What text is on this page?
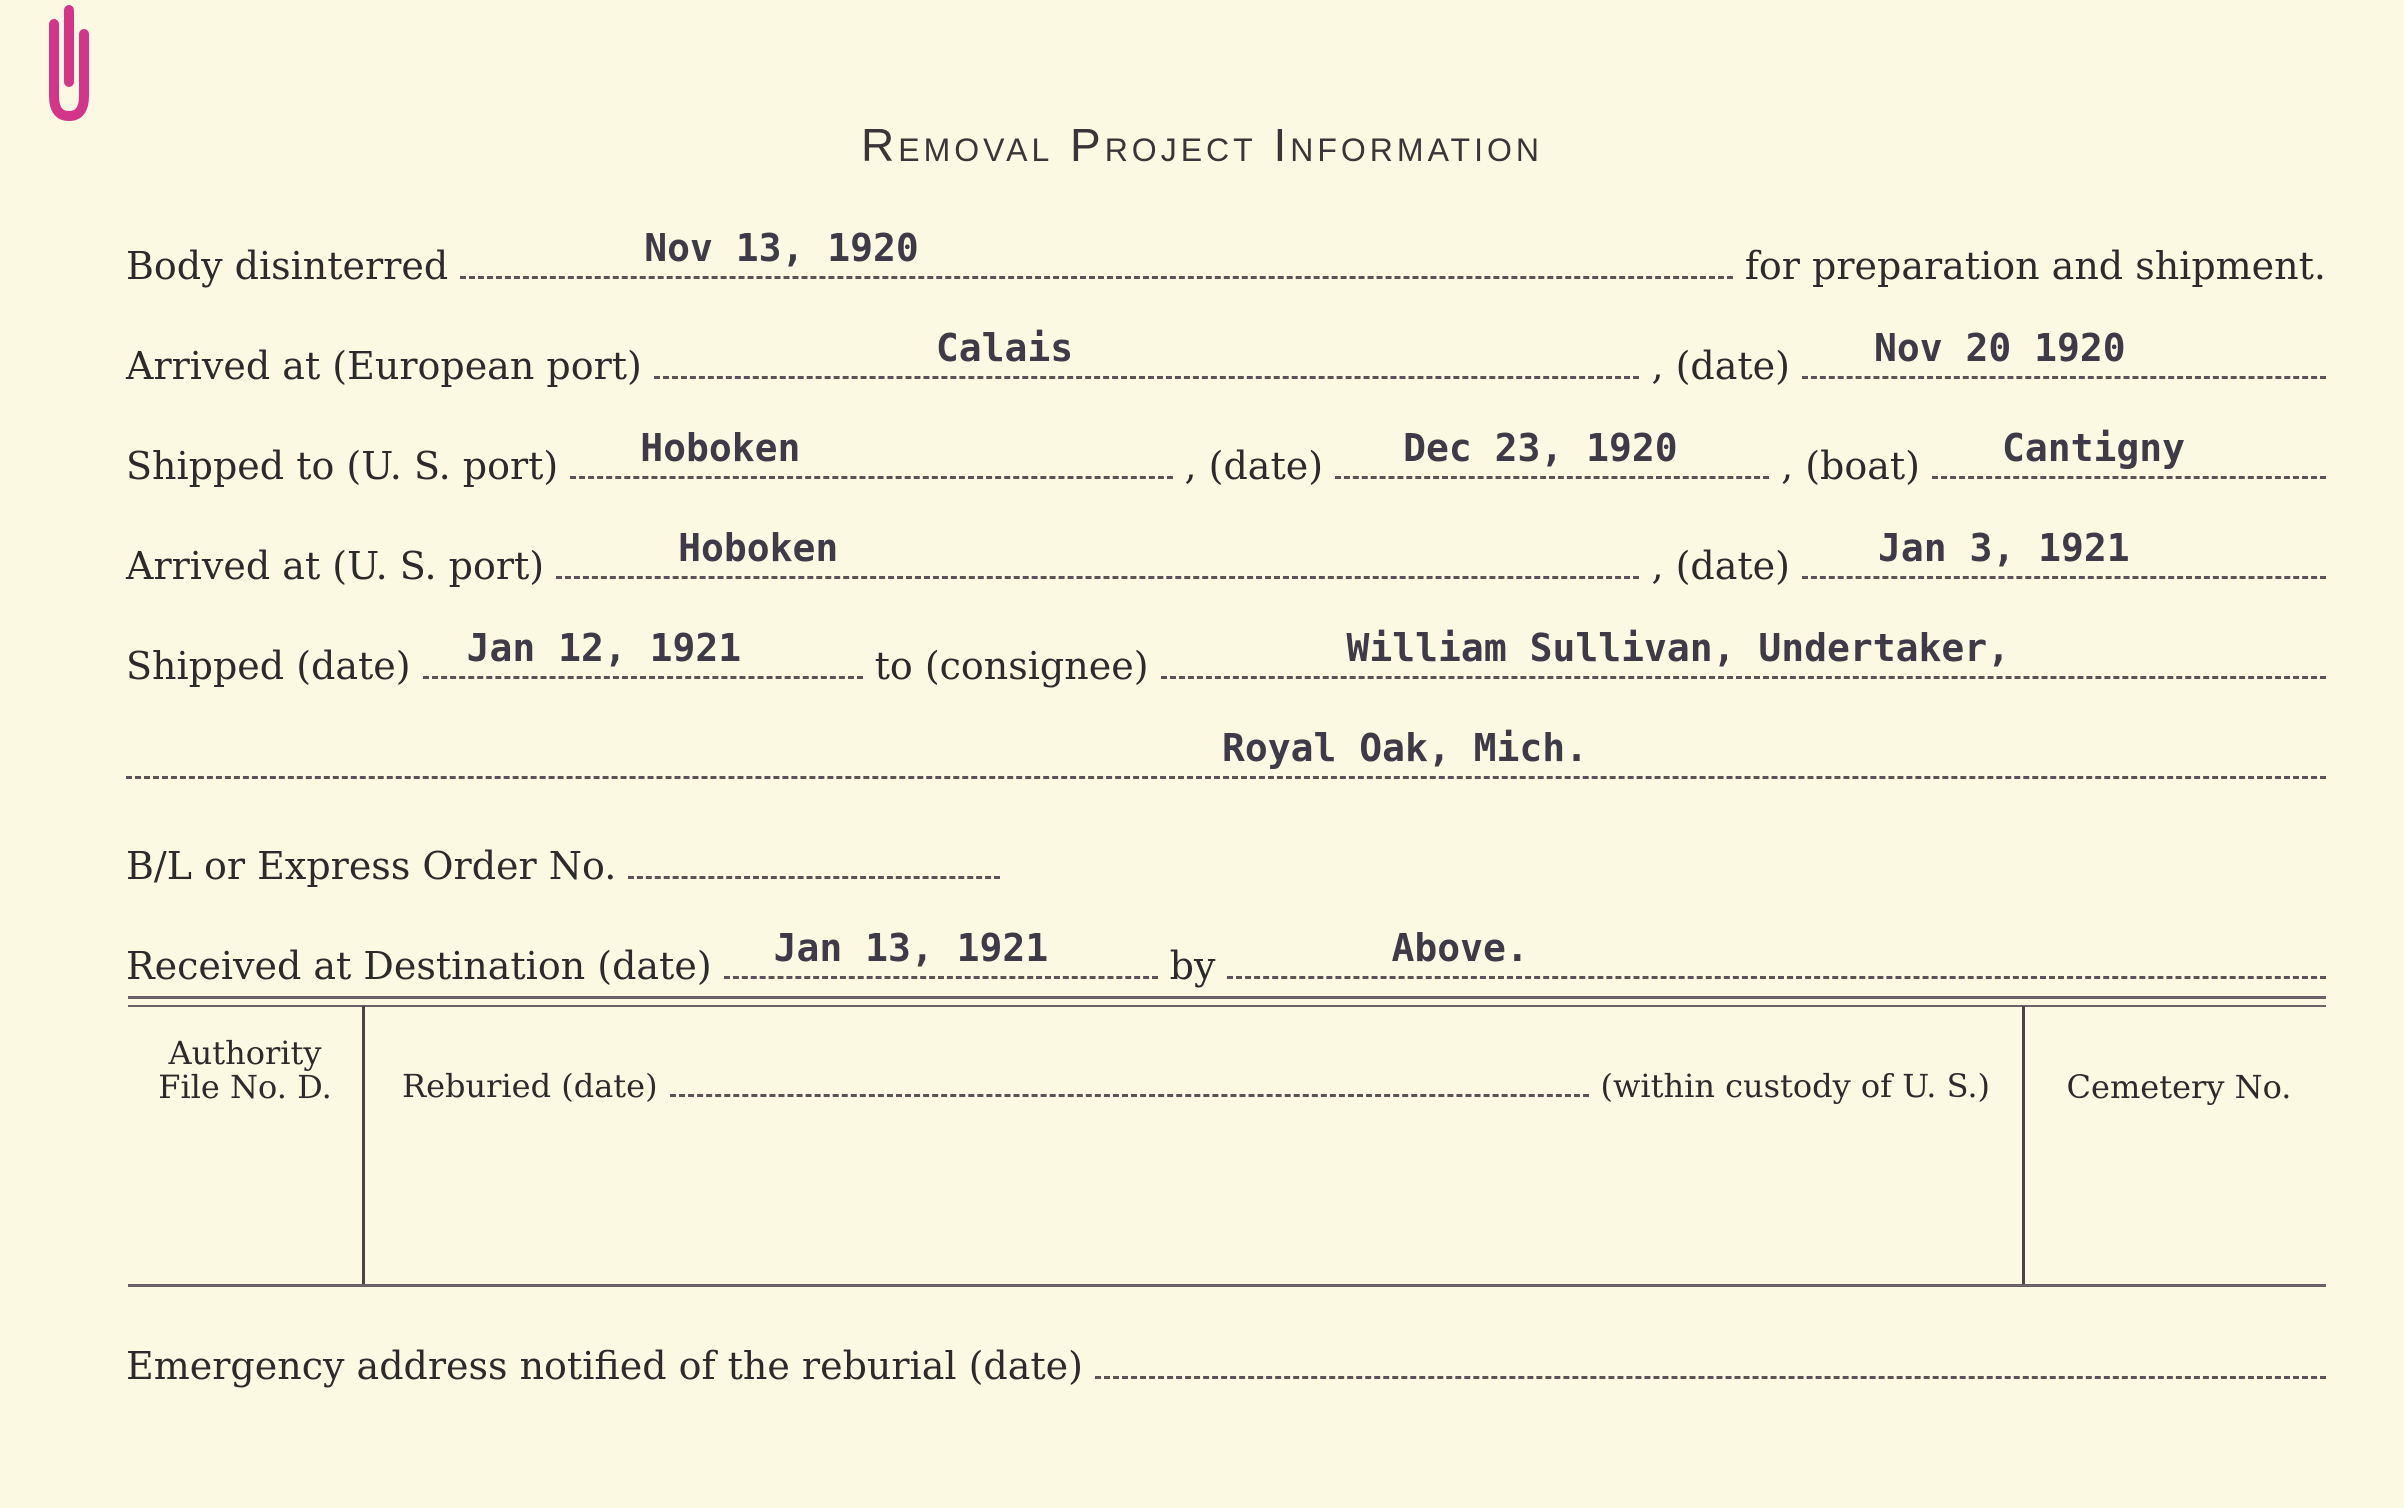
Removal Project Information
Body disinterred	Nov 13, 1920	for preparation and shipment.
Arrived at (European port)	Calais	, (date) Nov 20 1920
Shipped to (U. S. port) Hoboken	, (date) Dec 23, 1920	, (boat) Cantigny
Arrived at (U. S. port)	Hoboken	, (date) Jan 3, 1921
Shipped (date) Jan 12, 1921	to (consignee)	William Sullivan, Undertaker,
Royal Oak, Mich.
B/L or Express Order No.
Received at Destination (date) Jan 13, 1921	by	Above.
Authority File No. D.	Reburied (date)	(within custody of U. S.)	Cemetery No.
Emergency address notified of the reburial (date)
